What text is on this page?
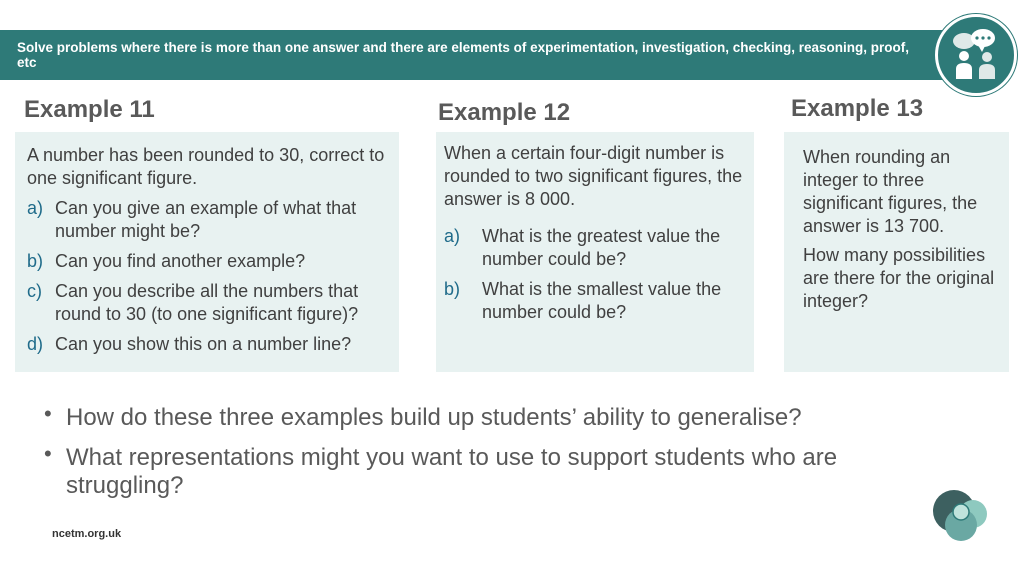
Solve problems where there is more than one answer and there are elements of experimentation, investigation, checking, reasoning, proof, etc

Example 11

A number has been rounded to 30, correct to one significant figure.

a) Can you give an example of what that number might be?
b) Can you find another example?
c) Can you describe all the numbers that round to 30 (to one significant figure)?
d) Can you show this on a number line?
Example 12

When a certain four-digit number is rounded to two significant figures, the answer is 8 000.

a) What is the greatest value the number could be?
b) What is the smallest value the number could be?
Example 13

When rounding an integer to three significant figures, the answer is 13 700.

How many possibilities are there for the original integer?

• How do these three examples build up students’ ability to generalise?
• What representations might you want to use to support students who are struggling?
ncetm.org.uk
